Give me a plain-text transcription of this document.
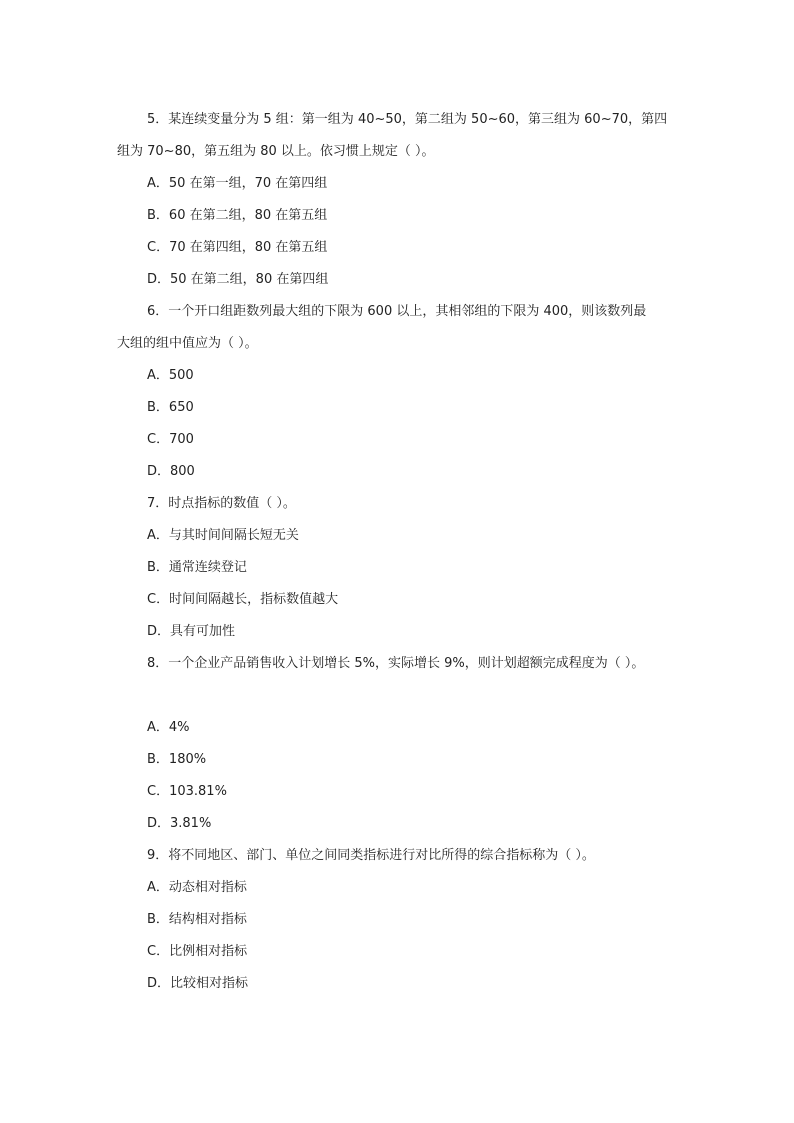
5．某连续变量分为 5 组：第一组为 40~50，第二组为 50~60，第三组为 60~70，第四
组为 70~80，第五组为 80 以上。依习惯上规定（ ）。
A．50 在第一组，70 在第四组
B．60 在第二组，80 在第五组
C．70 在第四组，80 在第五组
D．50 在第二组，80 在第四组
6．一个开口组距数列最大组的下限为 600 以上，其相邻组的下限为 400，则该数列最
大组的组中值应为（ ）。
A．500
B．650
C．700
D．800
7．时点指标的数值（ ）。
A．与其时间间隔长短无关
B．通常连续登记
C．时间间隔越长，指标数值越大
D．具有可加性
8．一个企业产品销售收入计划增长 5%，实际增长 9%，则计划超额完成程度为（ ）。
A．4%
B．180%
C．103.81%
D．3.81%
9．将不同地区、部门、单位之间同类指标进行对比所得的综合指标称为（ ）。
A．动态相对指标
B．结构相对指标
C．比例相对指标
D．比较相对指标
